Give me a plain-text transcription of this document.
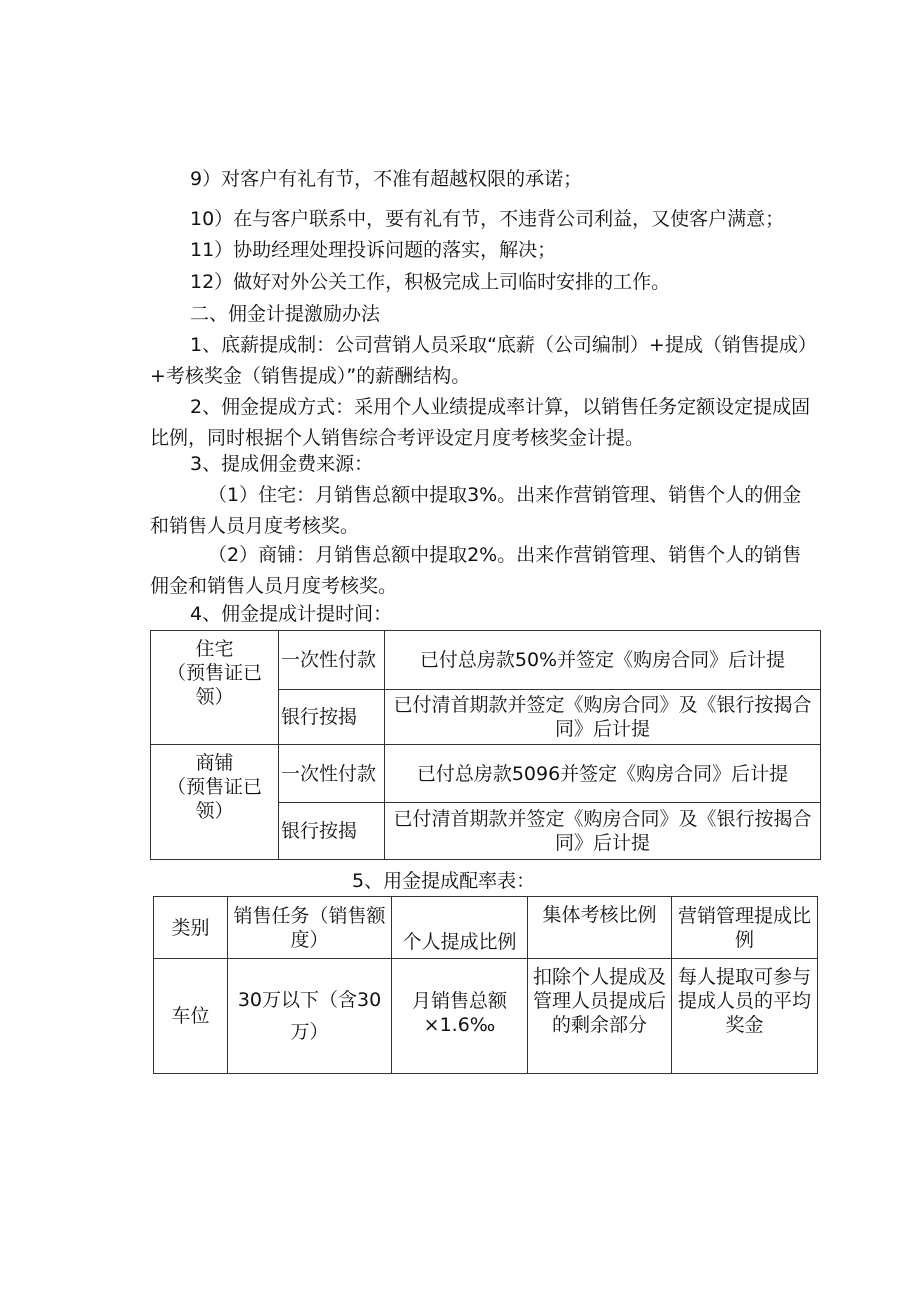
9）对客户有礼有节，不准有超越权限的承诺；
10）在与客户联系中，要有礼有节，不违背公司利益，又使客户满意；
11）协助经理处理投诉问题的落实，解决；
12）做好对外公关工作，积极完成上司临时安排的工作。
二、佣金计提激励办法
1、底薪提成制：公司营销人员采取“底薪（公司编制）+提成（销售提成）+考核奖金（销售提成）”的薪酬结构。
2、佣金提成方式：采用个人业绩提成率计算，以销售任务定额设定提成固比例，同时根据个人销售综合考评设定月度考核奖金计提。
3、提成佣金费来源：
（1）住宅：月销售总额中提取3%。出来作营销管理、销售个人的佣金和销售人员月度考核奖。
（2）商铺：月销售总额中提取2%。出来作营销管理、销售个人的销售佣金和销售人员月度考核奖。
4、佣金提成计提时间：
住宅
（预售证已领）	一次性付款	已付总房款50%并签定《购房合同》后计提
	银行按揭	已付清首期款并签定《购房合同》及《银行按揭合同》后计提
商铺
（预售证已领）	一次性付款	已付总房款5096并签定《购房合同》后计提
	银行按揭	已付清首期款并签定《购房合同》及《银行按揭合同》后计提
5、用金提成配率表：
类别	销售任务（销售额度）	个人提成比例	集体考核比例	营销管理提成比例
车位	30万以下（含30万）	月销售总额×1.6‰	扣除个人提成及管理人员提成后的剩余部分	每人提取可参与提成人员的平均奖金
